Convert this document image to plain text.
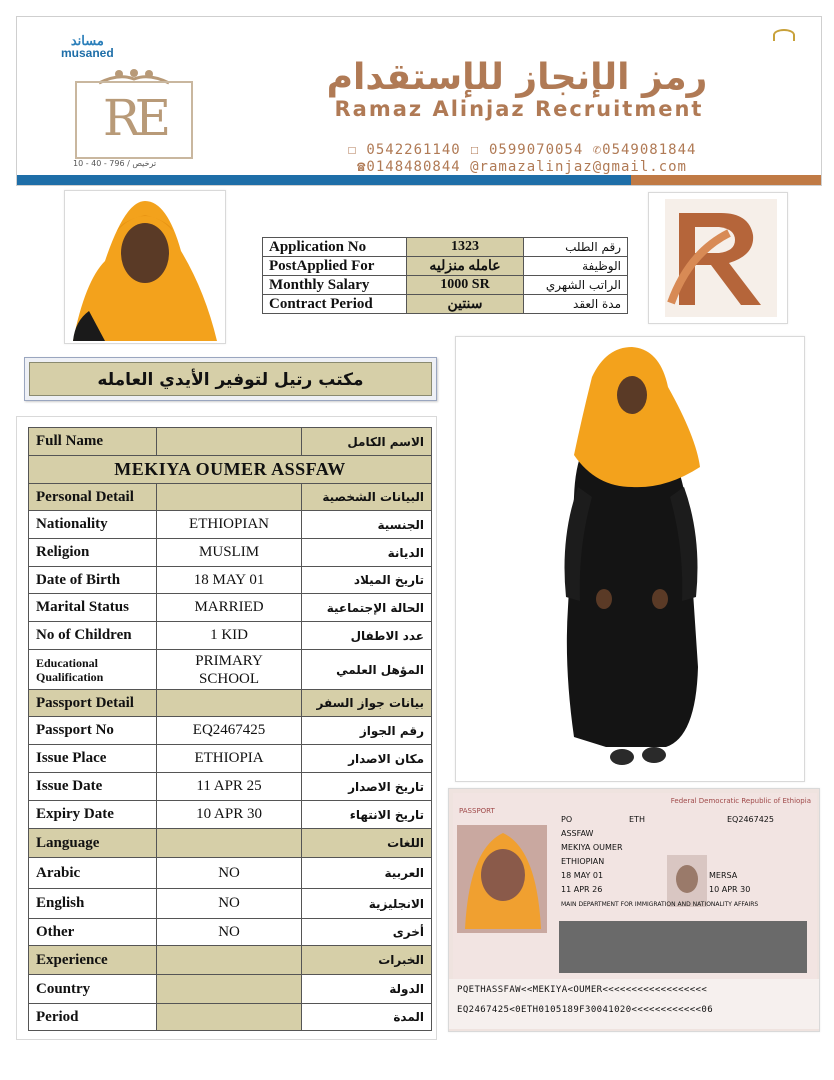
مساند
musaned
RE
10 - 40 - 796 / ترخيص
رمز الإنجاز للإستقدام
Ramaz Alinjaz Recruitment
☐ 0542261140 ☐ 0599070054 ✆0549081844
☎0148480844 @ramazalinjaz@gmail.com
Application No	1323	رقم الطلب
PostApplied For	عامله منزليه	الوظيفة
Monthly Salary	1000 SR	الراتب الشهري
Contract Period	سنتين	مدة العقد
مكتب رتيل لتوفير الأيدي العامله
Full Name		الاسم الكامل
MEKIYA OUMER ASSFAW		
Personal Detail		البيانات الشخصية
Nationality	ETHIOPIAN	الجنسية
Religion	MUSLIM	الديانة
Date of Birth	18 MAY 01	تاريخ الميلاد
Marital Status	MARRIED	الحالة الإجتماعية
No of Children	1 KID	عدد الاطفال
Educational Qualification	PRIMARY SCHOOL	المؤهل العلمي
Passport Detail		بيانات جواز السفر
Passport No	EQ2467425	رقم الجواز
Issue Place	ETHIOPIA	مكان الاصدار
Issue Date	11 APR 25	تاريخ الاصدار
Expiry Date	10 APR 30	تاريخ الانتهاء
Language		اللغات
Arabic	NO	العربية
English	NO	الانجليزية
Other	NO	أخرى
Experience		الخبرات
Country		الدولة
Period		المدة
Federal Democratic Republic of Ethiopia
PASSPORT
PO	ETH	EQ2467425
ASSFAW
MEKIYA OUMER
ETHIOPIAN
18 MAY 01	MERSA
11 APR 26	10 APR 30
MAIN DEPARTMENT FOR IMMIGRATION AND NATIONALITY AFFAIRS
PQETHASSFAW<<MEKIYA<OUMER<<<<<<<<<<<<<<<<<<
EQ2467425<0ETH0105189F30041020<<<<<<<<<<<<06
